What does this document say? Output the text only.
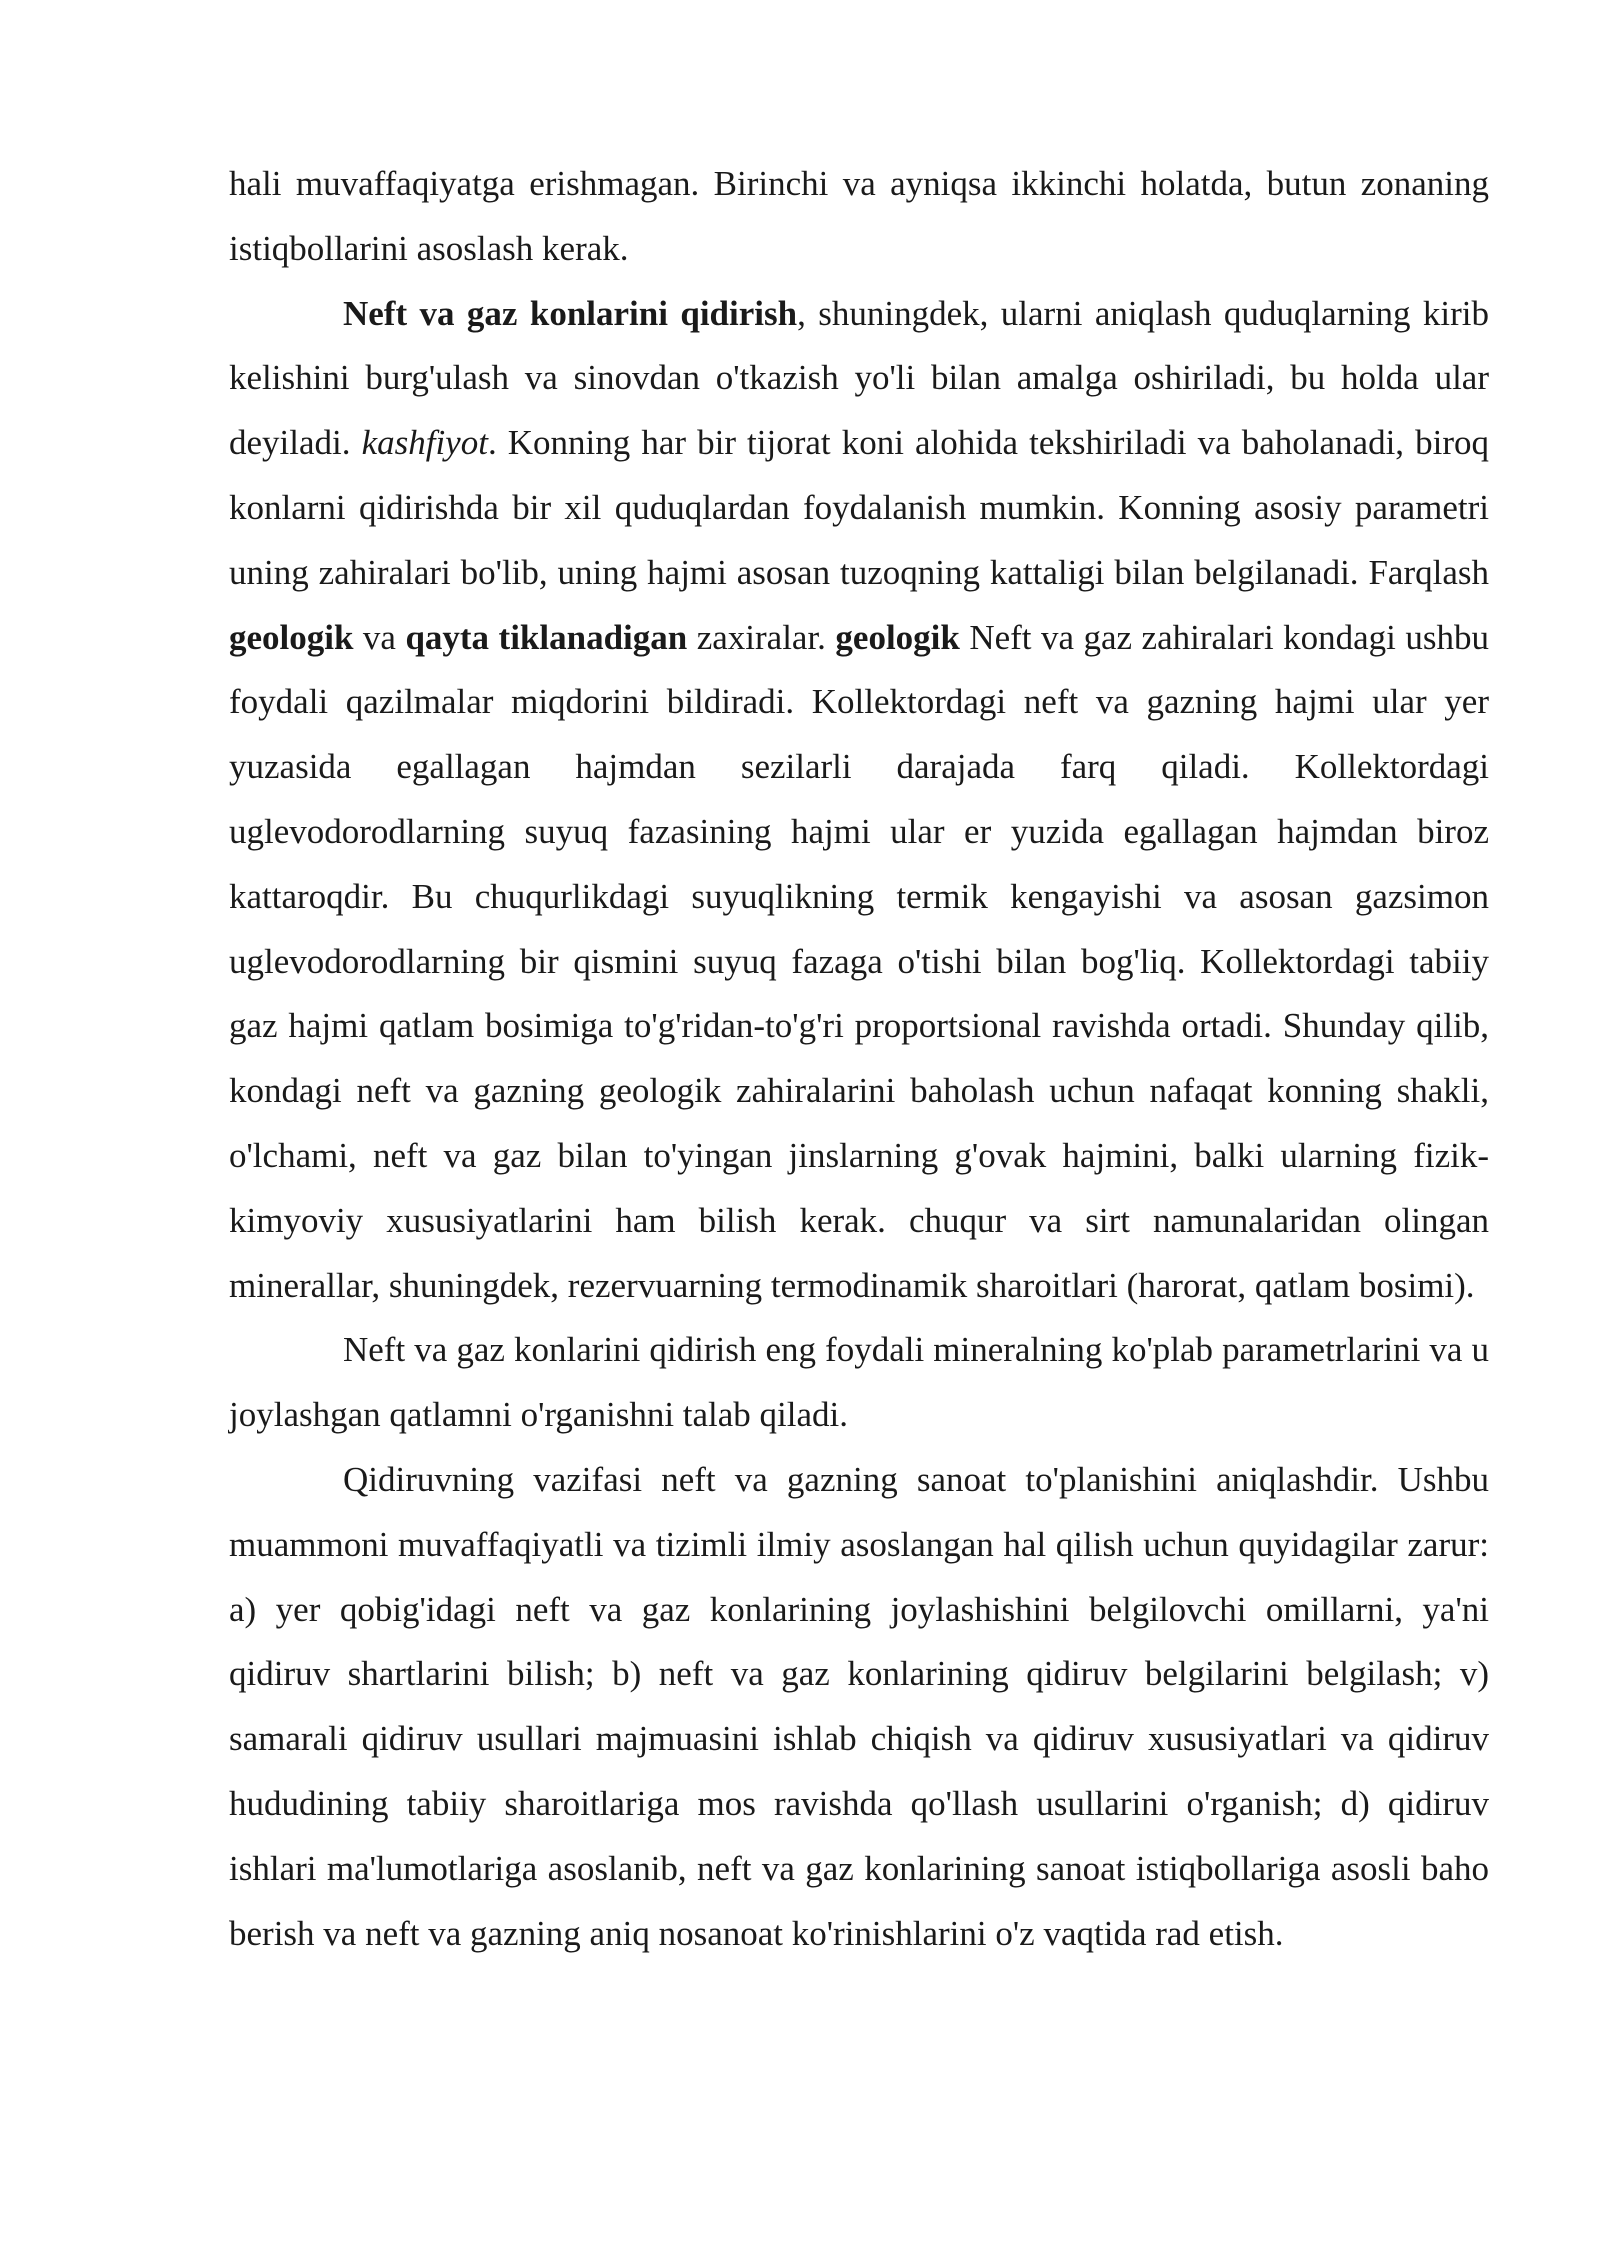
hali muvaffaqiyatga erishmagan. Birinchi va ayniqsa ikkinchi holatda, butun zonaning istiqbollarini asoslash kerak.

Neft va gaz konlarini qidirish, shuningdek, ularni aniqlash quduqlarning kirib kelishini burg'ulash va sinovdan o'tkazish yo'li bilan amalga oshiriladi, bu holda ular deyiladi. kashfiyot. Konning har bir tijorat koni alohida tekshiriladi va baholanadi, biroq konlarni qidirishda bir xil quduqlardan foydalanish mumkin. Konning asosiy parametri uning zahiralari bo'lib, uning hajmi asosan tuzoqning kattaligi bilan belgilanadi. Farqlash geologik va qayta tiklanadigan zaxiralar. geologik Neft va gaz zahiralari kondagi ushbu foydali qazilmalar miqdorini bildiradi. Kollektordagi neft va gazning hajmi ular yer yuzasida egallagan hajmdan sezilarli darajada farq qiladi. Kollektordagi uglevodorodlarning suyuq fazasining hajmi ular er yuzida egallagan hajmdan biroz kattaroqdir. Bu chuqurlikdagi suyuqlikning termik kengayishi va asosan gazsimon uglevodorodlarning bir qismini suyuq fazaga o'tishi bilan bog'liq. Kollektordagi tabiiy gaz hajmi qatlam bosimiga to'g'ridan-to'g'ri proportsional ravishda ortadi. Shunday qilib, kondagi neft va gazning geologik zahiralarini baholash uchun nafaqat konning shakli, o'lchami, neft va gaz bilan to'yingan jinslarning g'ovak hajmini, balki ularning fizik-kimyoviy xususiyatlarini ham bilish kerak. chuqur va sirt namunalaridan olingan minerallar, shuningdek, rezervuarning termodinamik sharoitlari (harorat, qatlam bosimi).

Neft va gaz konlarini qidirish eng foydali mineralning ko'plab parametrlarini va u joylashgan qatlamni o'rganishni talab qiladi.

Qidiruvning vazifasi neft va gazning sanoat to'planishini aniqlashdir. Ushbu muammoni muvaffaqiyatli va tizimli ilmiy asoslangan hal qilish uchun quyidagilar zarur: a) yer qobig'idagi neft va gaz konlarining joylashishini belgilovchi omillarni, ya'ni qidiruv shartlarini bilish; b) neft va gaz konlarining qidiruv belgilarini belgilash; v) samarali qidiruv usullari majmuasini ishlab chiqish va qidiruv xususiyatlari va qidiruv hududining tabiiy sharoitlariga mos ravishda qo'llash usullarini o'rganish; d) qidiruv ishlari ma'lumotlariga asoslanib, neft va gaz konlarining sanoat istiqbollariga asosli baho berish va neft va gazning aniq nosanoat ko'rinishlarini o'z vaqtida rad etish.
